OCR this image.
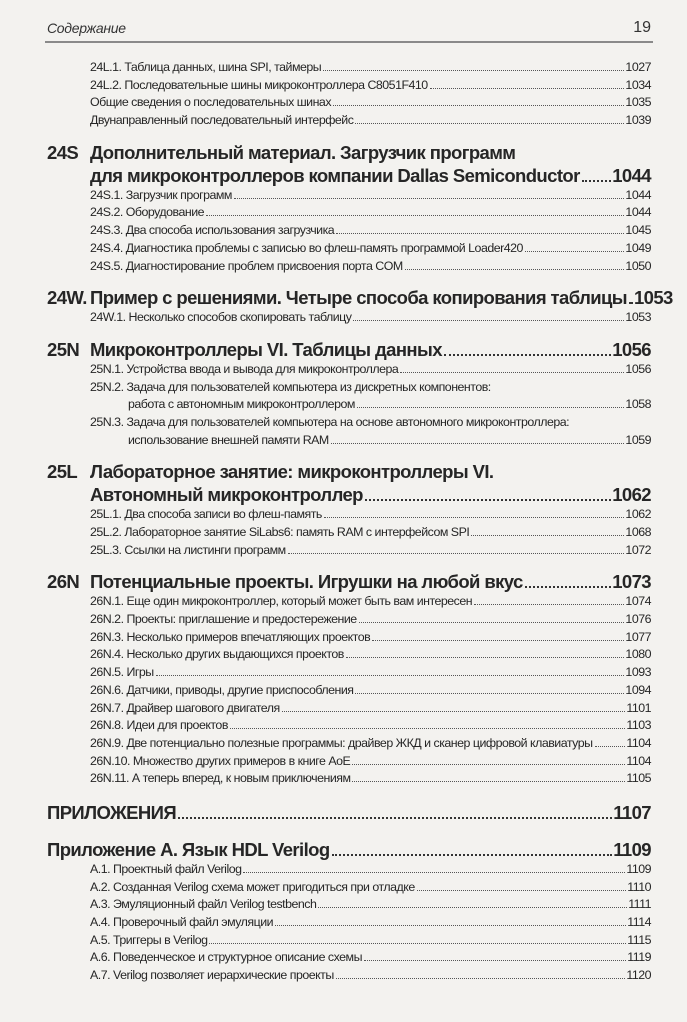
Содержание	19
24L.1. Таблица данных, шина SPI, таймеры	1027
24L.2. Последовательные шины микроконтроллера C8051F410	1034
Общие сведения о последовательных шинах	1035
Двунаправленный последовательный интерфейс	1039
24S Дополнительный материал. Загрузчик программ
для микроконтроллеров компании Dallas Semiconductor 1044
24S.1. Загрузчик программ	1044
24S.2. Оборудование	1044
24S.3. Два способа использования загрузчика	1045
24S.4. Диагностика проблемы с записью во флеш-память программой Loader420	1049
24S.5. Диагностирование проблем присвоения порта COM	1050
24W. Пример с решениями. Четыре способа копирования таблицы 1053
24W.1. Несколько способов скопировать таблицу	1053
25N Микроконтроллеры VI. Таблицы данных	1056
25N.1. Устройства ввода и вывода для микроконтроллера	1056
25N.2. Задача для пользователей компьютера из дискретных компонентов:
работа с автономным микроконтроллером	1058
25N.3. Задача для пользователей компьютера на основе автономного микроконтроллера:
использование внешней памяти RAM	1059
25L Лабораторное занятие: микроконтроллеры VI.
Автономный микроконтроллер	1062
25L.1. Два способа записи во флеш-память	1062
25L.2. Лабораторное занятие SiLabs6: память RAM с интерфейсом SPI	1068
25L.3. Ссылки на листинги программ	1072
26N Потенциальные проекты. Игрушки на любой вкус	1073
26N.1. Еще один микроконтроллер, который может быть вам интересен	1074
26N.2. Проекты: приглашение и предостережение	1076
26N.3. Несколько примеров впечатляющих проектов	1077
26N.4. Несколько других выдающихся проектов	1080
26N.5. Игры	1093
26N.6. Датчики, приводы, другие приспособления	1094
26N.7. Драйвер шагового двигателя	1101
26N.8. Идеи для проектов	1103
26N.9. Две потенциально полезные программы: драйвер ЖКД и сканер цифровой клавиатуры	1104
26N.10. Множество других примеров в книге AoE	1104
26N.11. А теперь вперед, к новым приключениям	1105
ПРИЛОЖЕНИЯ	1107
Приложение А. Язык HDL Verilog	1109
A.1. Проектный файл Verilog	1109
A.2. Созданная Verilog схема может пригодиться при отладке	1110
A.3. Эмуляционный файл Verilog testbench	1111
A.4. Проверочный файл эмуляции	1114
A.5. Триггеры в Verilog	1115
A.6. Поведенческое и структурное описание схемы	1119
A.7. Verilog позволяет иерархические проекты	1120
